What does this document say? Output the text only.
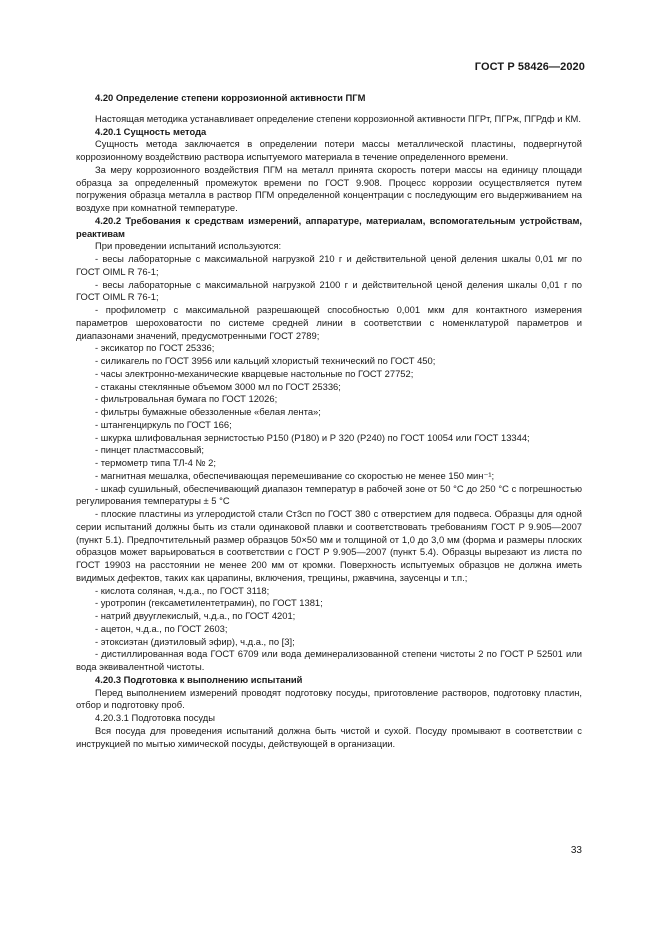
ГОСТ Р 58426—2020

4.20 Определение степени коррозионной активности ПГМ

Настоящая методика устанавливает определение степени коррозионной активности ПГРт, ПГРж, ПГРдф и КМ.

4.20.1 Сущность метода

Сущность метода заключается в определении потери массы металлической пластины, подвергнутой коррозионному воздействию раствора испытуемого материала в течение определенного времени.

За меру коррозионного воздействия ПГМ на металл принята скорость потери массы на единицу площади образца за определенный промежуток времени по ГОСТ 9.908. Процесс коррозии осуществляется путем погружения образца металла в раствор ПГМ определенной концентрации с последующим его выдерживанием на воздухе при комнатной температуре.

4.20.2 Требования к средствам измерений, аппаратуре, материалам, вспомогательным устройствам, реактивам

При проведении испытаний используются:

- весы лабораторные с максимальной нагрузкой 210 г и действительной ценой деления шкалы 0,01 мг по ГОСТ OIML R 76-1;

- весы лабораторные с максимальной нагрузкой 2100 г и действительной ценой деления шкалы 0,01 г по ГОСТ OIML R 76-1;

- профилометр с максимальной разрешающей способностью 0,001 мкм для контактного измерения параметров шероховатости по системе средней линии в соответствии с номенклатурой параметров и диапазонами значений, предусмотренными ГОСТ 2789;

- эксикатор по ГОСТ 25336;

- силикагель по ГОСТ 3956 или кальций хлористый технический по ГОСТ 450;

- часы электронно-механические кварцевые настольные по ГОСТ 27752;

- стаканы стеклянные объемом 3000 мл по ГОСТ 25336;

- фильтровальная бумага по ГОСТ 12026;

- фильтры бумажные обеззоленные «белая лента»;

- штангенциркуль по ГОСТ 166;

- шкурка шлифовальная зернистостью Р150 (Р180) и Р 320 (Р240) по ГОСТ 10054 или ГОСТ 13344;

- пинцет пластмассовый;

- термометр типа ТЛ-4 № 2;

- магнитная мешалка, обеспечивающая перемешивание со скоростью не менее 150 мин⁻¹;

- шкаф сушильный, обеспечивающий диапазон температур в рабочей зоне от 50 °С до 250 °С с погрешностью регулирования температуры ± 5 °С

- плоские пластины из углеродистой стали Ст3сп по ГОСТ 380 с отверстием для подвеса. Образцы для одной серии испытаний должны быть из стали одинаковой плавки и соответствовать требованиям ГОСТ Р 9.905—2007 (пункт 5.1). Предпочтительный размер образцов 50×50 мм и толщиной от 1,0 до 3,0 мм (форма и размеры плоских образцов может варьироваться в соответствии с ГОСТ Р 9.905—2007 (пункт 5.4). Образцы вырезают из листа по ГОСТ 19903 на расстоянии не менее 200 мм от кромки. Поверхность испытуемых образцов не должна иметь видимых дефектов, таких как царапины, включения, трещины, ржавчина, заусенцы и т.п.;

- кислота соляная, ч.д.а., по ГОСТ 3118;

- уротропин (гексаметилентетрамин), по ГОСТ 1381;

- натрий двууглекислый, ч.д.а., по ГОСТ 4201;

- ацетон, ч.д.а., по ГОСТ 2603;

- этоксиэтан (диэтиловый эфир), ч.д.а., по [3];

- дистиллированная вода ГОСТ 6709 или вода деминерализованной степени чистоты 2 по ГОСТ Р 52501 или вода эквивалентной чистоты.

4.20.3 Подготовка к выполнению испытаний

Перед выполнением измерений проводят подготовку посуды, приготовление растворов, подготовку пластин, отбор и подготовку проб.

4.20.3.1 Подготовка посуды

Вся посуда для проведения испытаний должна быть чистой и сухой. Посуду промывают в соответствии с инструкцией по мытью химической посуды, действующей в организации.

33
